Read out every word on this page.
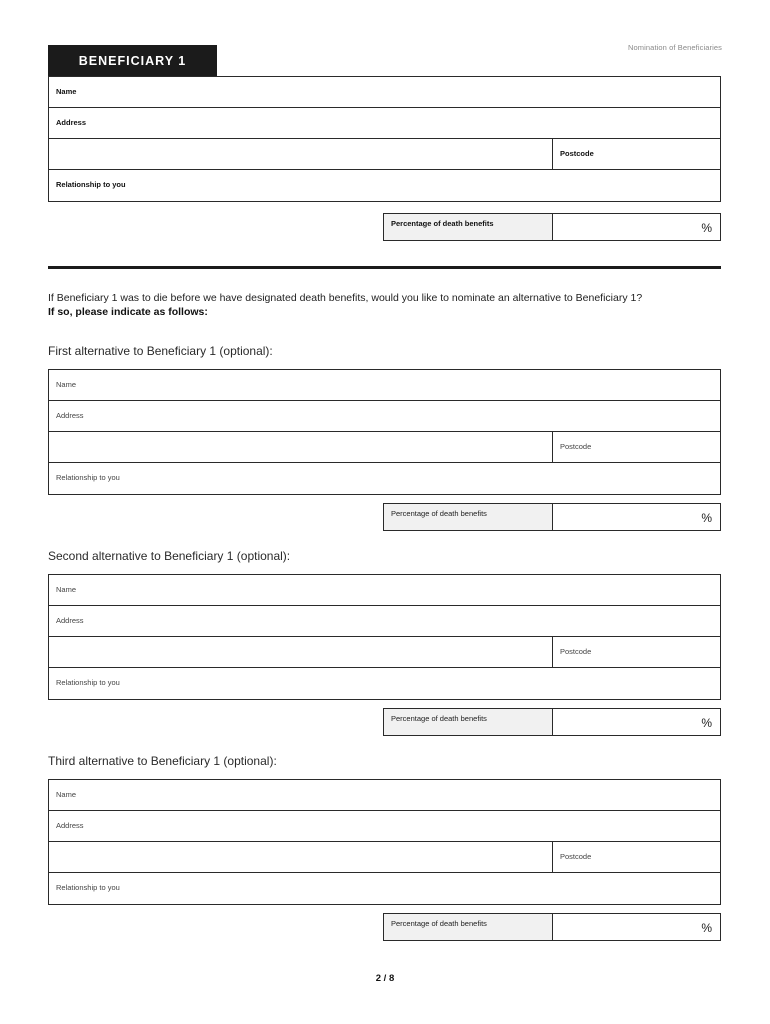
Nomination of Beneficiaries
BENEFICIARY 1
Name
Address
Postcode
Relationship to you
Percentage of death benefits	%
If Beneficiary 1 was to die before we have designated death benefits, would you like to nominate an alternative to Beneficiary 1?
If so, please indicate as follows:
First alternative to Beneficiary 1 (optional):
Name
Address
Postcode
Relationship to you
Percentage of death benefits	%
Second alternative to Beneficiary 1 (optional):
Name
Address
Postcode
Relationship to you
Percentage of death benefits	%
Third alternative to Beneficiary 1 (optional):
Name
Address
Postcode
Relationship to you
Percentage of death benefits	%
2 / 8
